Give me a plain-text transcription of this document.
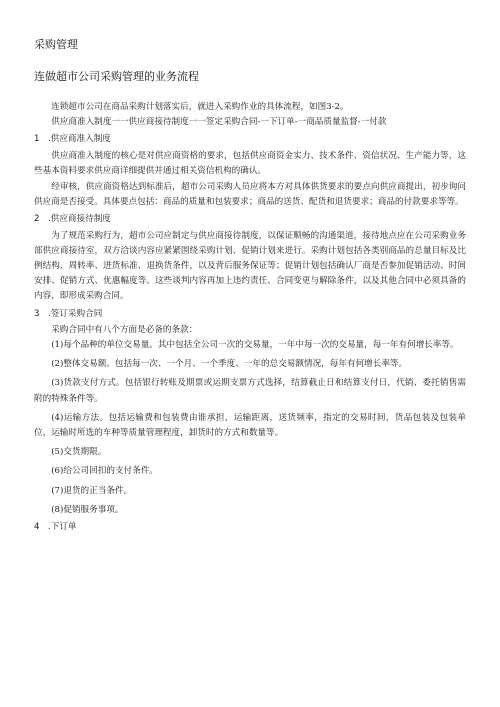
采购管理
连做超市公司采购管理的业务流程

连锁超市公司在商品采购计划落实后，就进入采购作业的具体流程，如图3-2。

供应商准入制度一一供应商接待制度一一签定采购合同-一下订单-一商品质量监督-一付款

1 .供应商准入制度

供应商准入制度的核心是对供应商资格的要求，包括供应商资金实力、技术条件、资信状况、生产能力等，这些基本资料要求供应商详细提供并通过相关资信机构的确认。

经审核，供应商资格达到标准后，超市公司采购人员应将本方对具体供货要求的要点向供应商提出，初步询问供应商是否接受。具体要点包括：商品的质量和包装要求；商品的送货、配货和退货要求；商品的付款要求等等。

2 .供应商接待制度

为了规范采购行为，超市公司应制定与供应商接待制度，以保证顺畅的沟通渠道，接待地点应在公司采购业务部供应商接待室，双方洽谈内容应紧紧围绕采购计划、促销计划来进行。采购计划包括各类别商品的总量目标及比例结构、周转率、进货标准、退换货条件，以及背后服务保证等；促销计划包括确认厂商是否参加促销活动、时间安排、促销方式、优惠幅度等。这些谈判内容再加上违约责任、合同变更与解除条件，以及其他合同中必须具备的内容，即形成采购合同。

3 .签订采购合同

采购合同中有八个方面是必备的条款：

(1)每个品种的单位交易量。其中包括全公司一次的交易量，一年中每一次的交易量，每一年有何增长率等。

(2)整体交易额。包括每一次、一个月、一个季度、一年的总交易额情况，每年有何增长率等。

(3)货款支付方式。包括银行转账及期票或运期支票方式选择，结算截止日和结算支付日，代销、委托销售需附的特殊条件等。

(4)运输方法。包括运输费和包装费由谁承担，运输距离，送货频率，指定的交易时间，货品包装及包装单位，运输时所选的车种等质量管理程度，卸货时的方式和数量等。

(5)交货期限。

(6)给公司回扣的支付条件。

(7)退货的正当条件。

(8)促销服务事项。

4 .下订单
